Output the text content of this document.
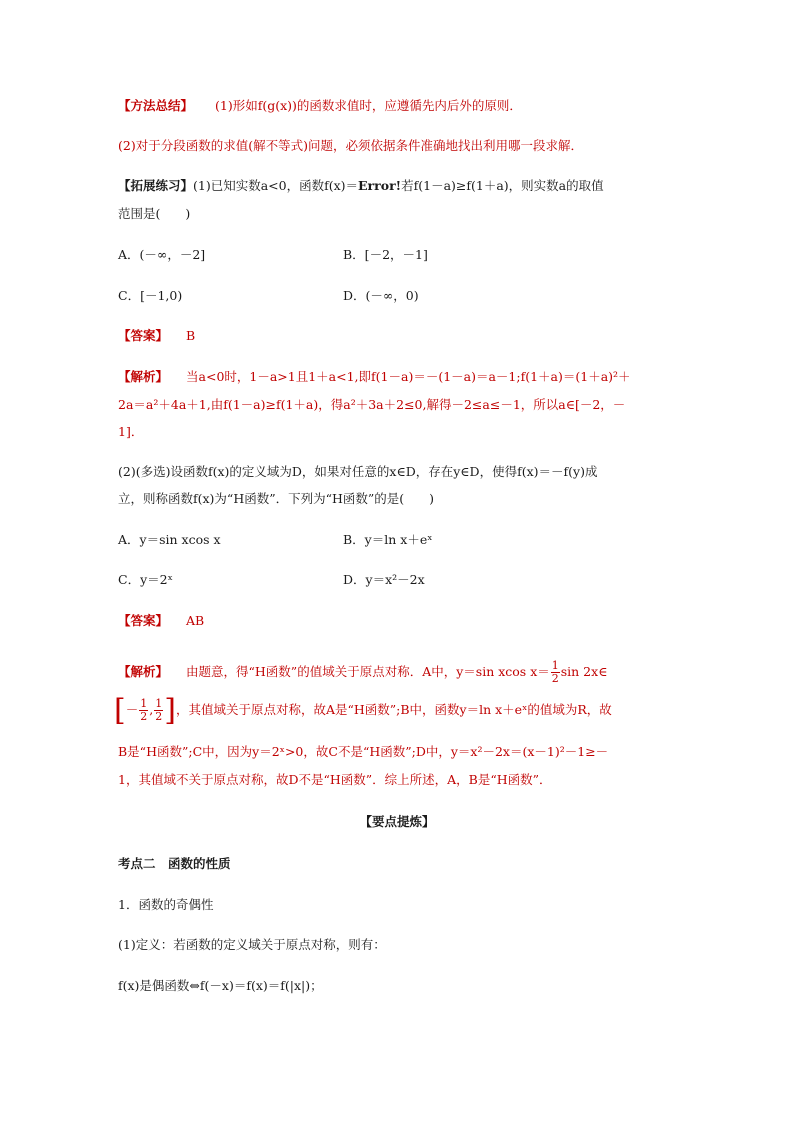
【方法总结】 (1)形如f(g(x))的函数求值时，应遵循先内后外的原则．
(2)对于分段函数的求值(解不等式)问题，必须依据条件准确地找出利用哪一段求解．
【拓展练习】(1)已知实数a<0，函数f(x)＝Error!若f(1－a)≥f(1＋a)，则实数a的取值
范围是(　　)
A．(－∞，－2]	B．[－2，－1]
C．[－1,0)	D．(－∞，0)
【答案】 B
【解析】 当a<0时，1－a>1且1＋a<1,即f(1－a)＝－(1－a)＝a－1;f(1＋a)＝(1＋a)²＋
2a＝a²＋4a＋1,由f(1－a)≥f(1＋a)，得a²＋3a＋2≤0,解得－2≤a≤－1，所以a∈[－2，－
1]．
(2)(多选)设函数f(x)的定义域为D，如果对任意的x∈D，存在y∈D，使得f(x)＝－f(y)成
立，则称函数f(x)为“H函数”．下列为“H函数”的是(　　)
A．y＝sin xcos x	B．y＝ln x＋eˣ
C．y＝2ˣ	D．y＝x²－2x
【答案】 AB
【解析】 由题意，得“H函数”的值域关于原点对称．A中，y＝sin xcos $x= \frac{1}{2}$ sin 2x∈
[－ $\frac{1}{2}$ , $\frac{1}{2}$ ]，其值域关于原点对称，故A是“H函数”;B中，函数y＝ln x＋eˣ的值域为R，故
B是“H函数”;C中，因为y＝2ˣ>0，故C不是“H函数”;D中，y＝x²－2x＝(x－1)²－1≥－
1，其值域不关于原点对称，故D不是“H函数”．综上所述，A，B是“H函数”．
【要点提炼】
考点二　函数的性质
1．函数的奇偶性
(1)定义：若函数的定义域关于原点对称，则有：
f(x)是偶函数⇔f(－x)＝f(x)＝f(|x|)；
